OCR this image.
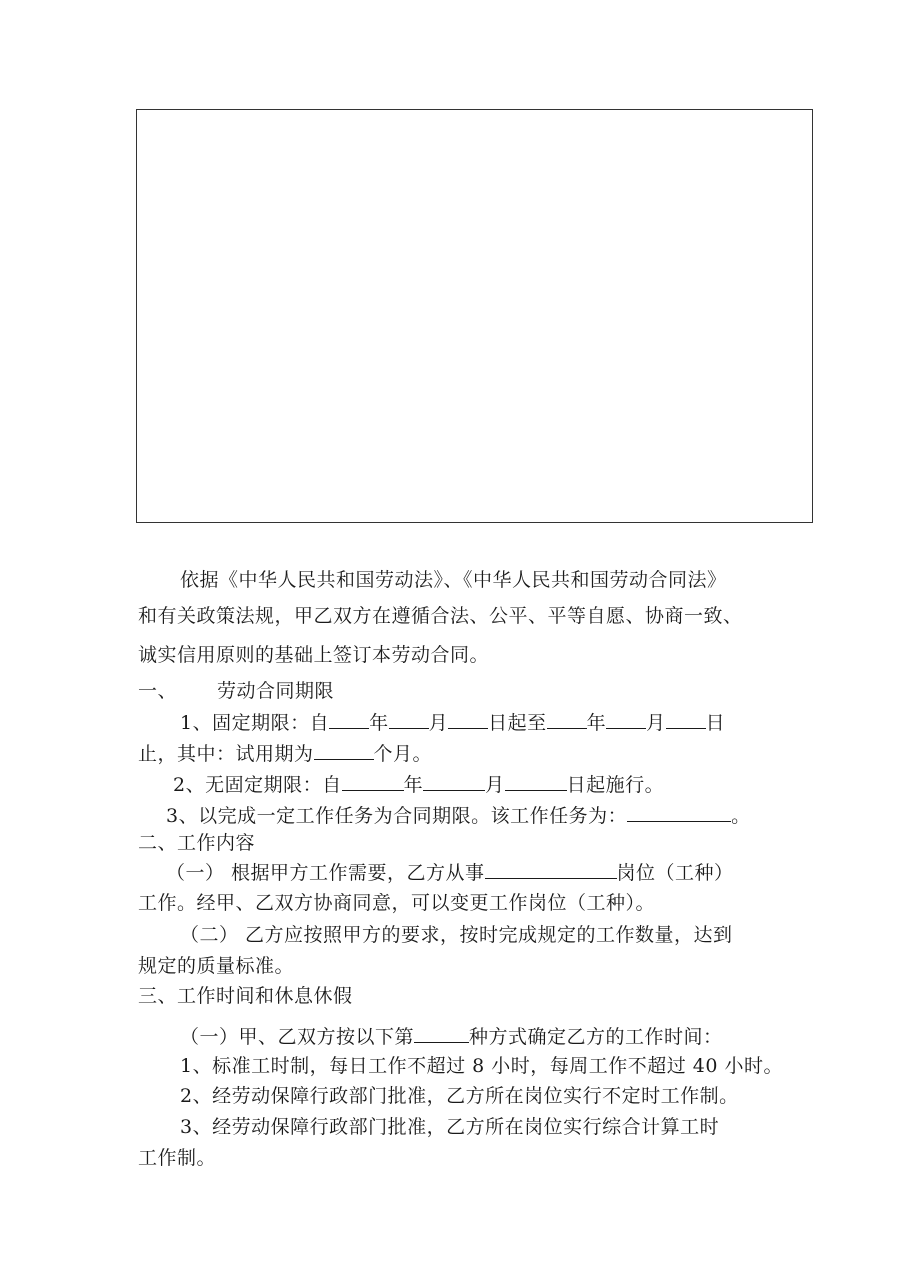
依据《中华人民共和国劳动法》、《中华人民共和国劳动合同法》
和有关政策法规，甲乙双方在遵循合法、公平、平等自愿、协商一致、
诚实信用原则的基础上签订本劳动合同。
一、 劳动合同期限
1、固定期限：自 年 月 日起至 年 月 日
止，其中：试用期为	个月。
2、无固定期限：自	年	月	日起施行。
3、以完成一定工作任务为合同期限。该工作任务为：	。
二、工作内容
（一） 根据甲方工作需要，乙方从事	岗位（工种）
工作。经甲、乙双方协商同意，可以变更工作岗位（工种）。
（二） 乙方应按照甲方的要求，按时完成规定的工作数量，达到
规定的质量标准。
三、工作时间和休息休假
（一）甲、乙双方按以下第	种方式确定乙方的工作时间：
1、标准工时制，每日工作不超过 8 小时，每周工作不超过 40 小时。
2、经劳动保障行政部门批准，乙方所在岗位实行不定时工作制。
3、经劳动保障行政部门批准，乙方所在岗位实行综合计算工时
工作制。
